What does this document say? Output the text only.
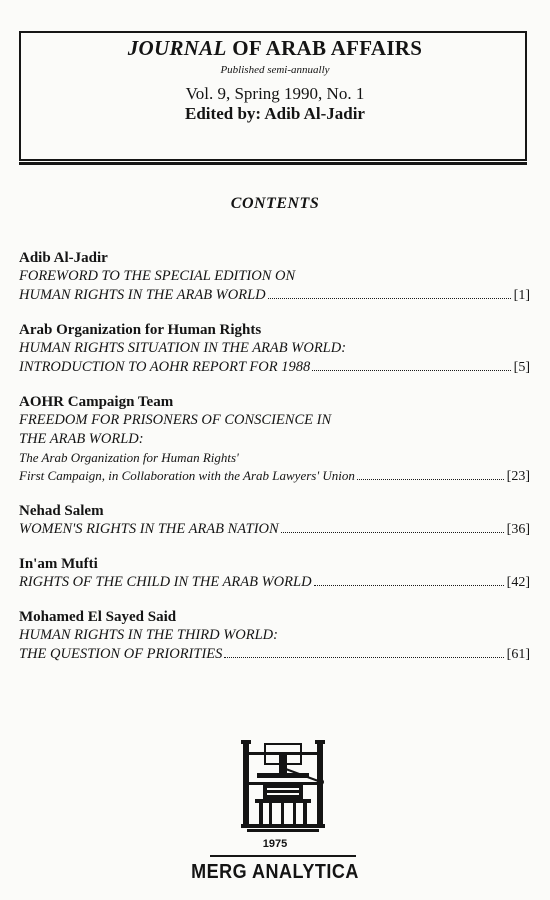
JOURNAL OF ARAB AFFAIRS
Published semi-annually
Vol. 9, Spring 1990, No. 1
Edited by: Adib Al-Jadir
CONTENTS
Adib Al-Jadir
FOREWORD TO THE SPECIAL EDITION ON
HUMAN RIGHTS IN THE ARAB WORLD	[1]
Arab Organization for Human Rights
HUMAN RIGHTS SITUATION IN THE ARAB WORLD:
INTRODUCTION TO AOHR REPORT FOR 1988	[5]
AOHR Campaign Team
FREEDOM FOR PRISONERS OF CONSCIENCE IN
THE ARAB WORLD:
The Arab Organization for Human Rights'
First Campaign, in Collaboration with the Arab Lawyers' Union	[23]
Nehad Salem
WOMEN'S RIGHTS IN THE ARAB NATION	[36]
In'am Mufti
RIGHTS OF THE CHILD IN THE ARAB WORLD	[42]
Mohamed El Sayed Said
HUMAN RIGHTS IN THE THIRD WORLD:
THE QUESTION OF PRIORITIES	[61]
1975
MERG ANALYTICA
